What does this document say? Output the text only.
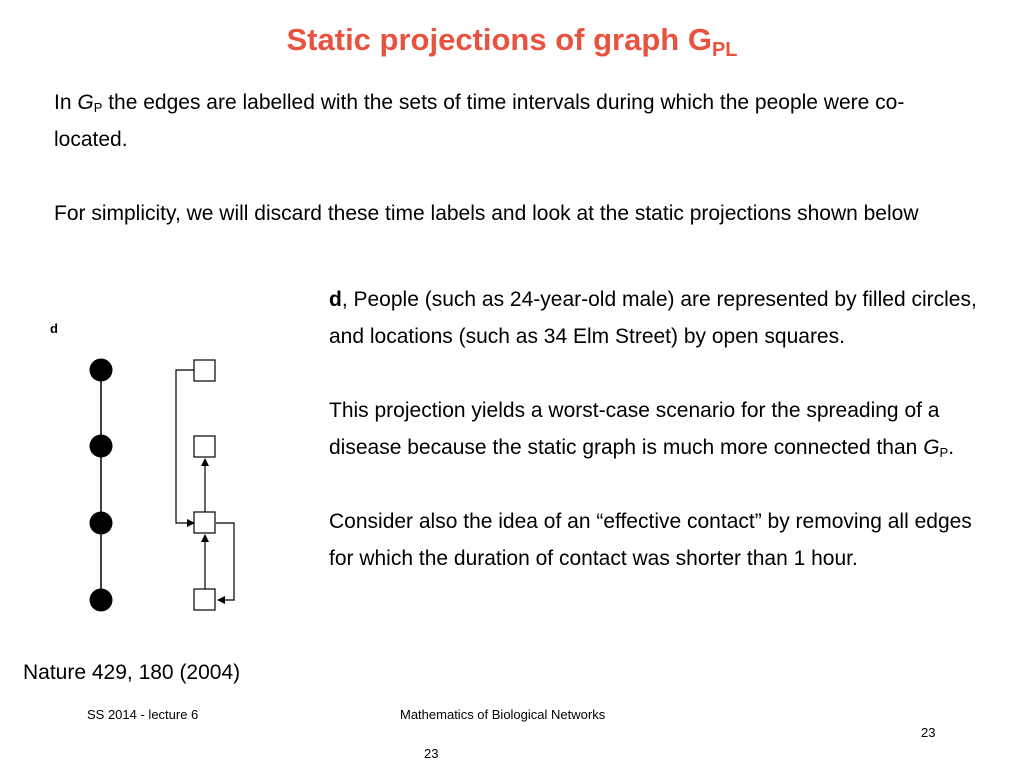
Static projections of graph $G_{PL}$
In $G_P$ the edges are labelled with the sets of time intervals during which the people were co-located.
For simplicity, we will discard these time labels and look at the static projections shown below
d
d, People (such as 24-year-old male) are represented by filled circles, and locations (such as 34 Elm Street) by open squares.
This projection yields a worst-case scenario for the spreading of a disease because the static graph is much more connected than $G_P$.
Consider also the idea of an “effective contact” by removing all edges for which the duration of contact was shorter than 1 hour.
Nature 429, 180 (2004)
SS 2014 - lecture 6	Mathematics of Biological Networks
23
23
